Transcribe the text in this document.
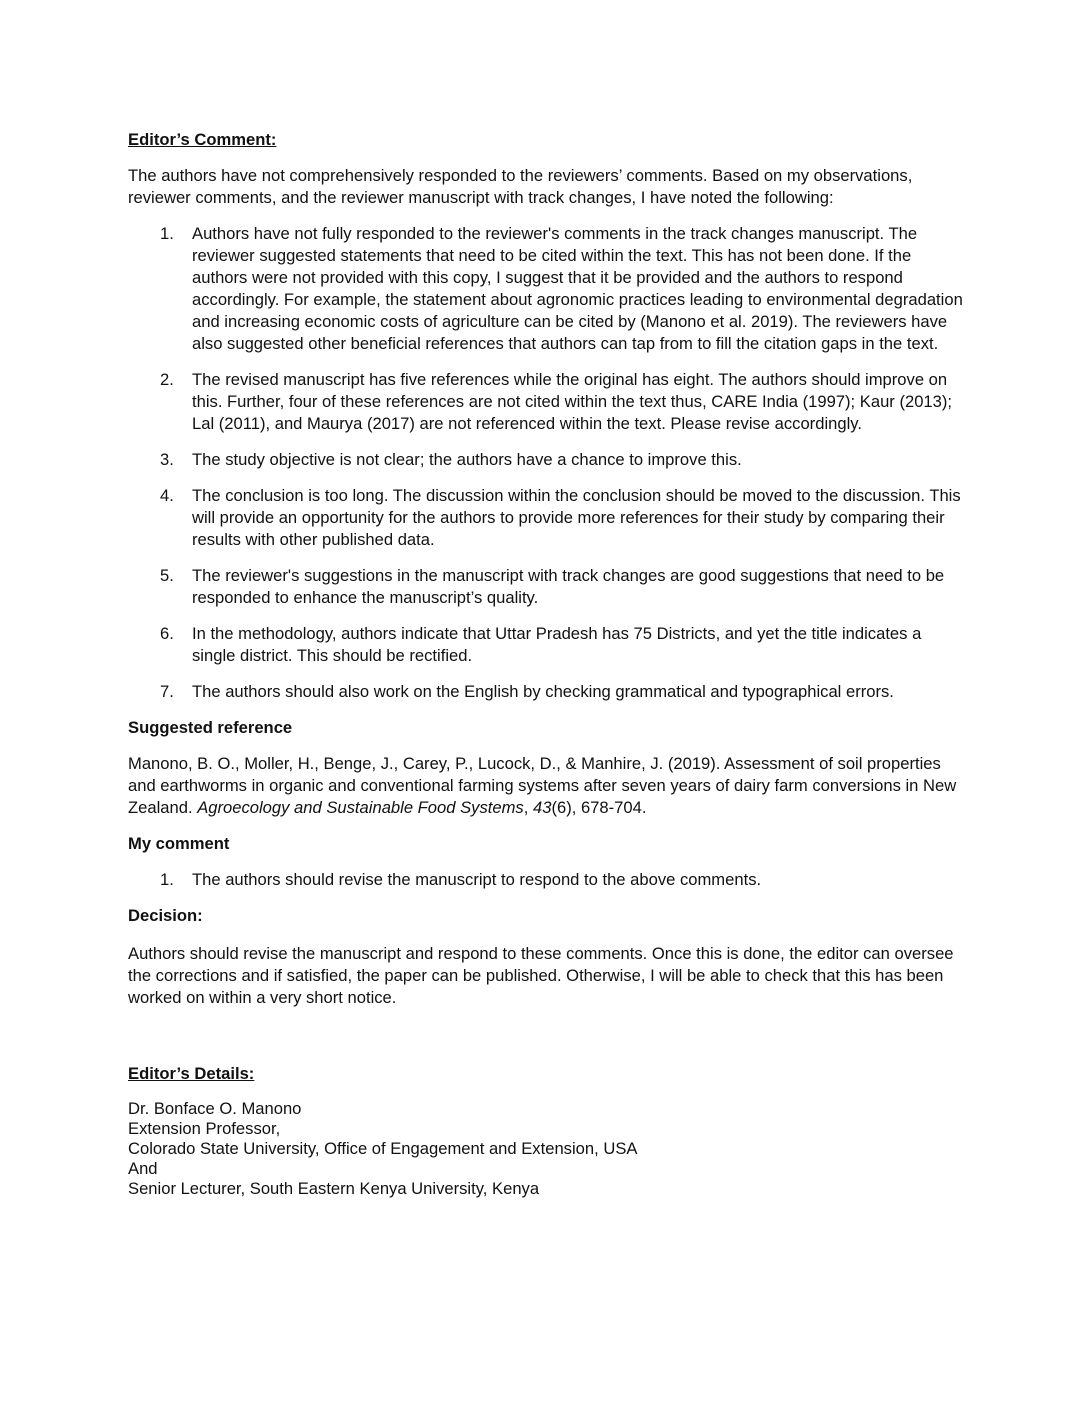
Editor’s Comment:

The authors have not comprehensively responded to the reviewers’ comments. Based on my observations, reviewer comments, and the reviewer manuscript with track changes, I have noted the following:

1. Authors have not fully responded to the reviewer's comments in the track changes manuscript. The reviewer suggested statements that need to be cited within the text. This has not been done. If the authors were not provided with this copy, I suggest that it be provided and the authors to respond accordingly. For example, the statement about agronomic practices leading to environmental degradation and increasing economic costs of agriculture can be cited by (Manono et al. 2019). The reviewers have also suggested other beneficial references that authors can tap from to fill the citation gaps in the text.
2. The revised manuscript has five references while the original has eight. The authors should improve on this. Further, four of these references are not cited within the text thus, CARE India (1997); Kaur (2013); Lal (2011), and Maurya (2017) are not referenced within the text. Please revise accordingly.
3. The study objective is not clear; the authors have a chance to improve this.
4. The conclusion is too long. The discussion within the conclusion should be moved to the discussion. This will provide an opportunity for the authors to provide more references for their study by comparing their results with other published data.
5. The reviewer's suggestions in the manuscript with track changes are good suggestions that need to be responded to enhance the manuscript’s quality.
6. In the methodology, authors indicate that Uttar Pradesh has 75 Districts, and yet the title indicates a single district. This should be rectified.
7. The authors should also work on the English by checking grammatical and typographical errors.
Suggested reference

Manono, B. O., Moller, H., Benge, J., Carey, P., Lucock, D., & Manhire, J. (2019). Assessment of soil properties and earthworms in organic and conventional farming systems after seven years of dairy farm conversions in New Zealand. Agroecology and Sustainable Food Systems, 43(6), 678-704.

My comment
1. The authors should revise the manuscript to respond to the above comments.
Decision:

Authors should revise the manuscript and respond to these comments. Once this is done, the editor can oversee the corrections and if satisfied, the paper can be published. Otherwise, I will be able to check that this has been worked on within a very short notice.

Editor’s Details:
Dr. Bonface O. Manono
Extension Professor,
Colorado State University, Office of Engagement and Extension, USA
And
Senior Lecturer, South Eastern Kenya University, Kenya
